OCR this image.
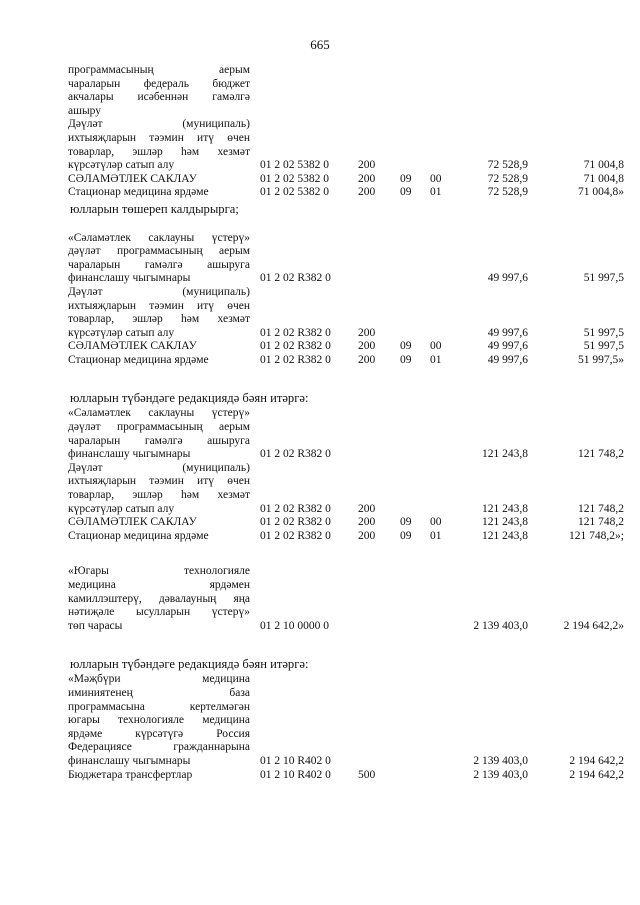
665
программасының аерым
чараларын федераль бюджет
акчалары исәбеннән гамәлгә
ашыру
Дәүләт (муниципаль)
ихтыяҗларын тәэмин итү өчен
товарлар, эшләр һәм хезмәт
күрсәтүләр сатып алу	01 2 02 5382 0	200	72 528,9	71 004,8
СӘЛАМӘТЛЕК САКЛАУ	01 2 02 5382 0	200 09 00	72 528,9	71 004,8
Стационар медицина ярдәме	01 2 02 5382 0	200 09 01	72 528,9	71 004,8»
юлларын төшереп калдырырга;
«Сәламәтлек саклауны үстерү»
дәүләт программасының аерым
чараларын гамәлгә ашыруга
финанслашу чыгымнары	01 2 02 R382 0	49 997,6	51 997,5
Дәүләт (муниципаль)
ихтыяҗларын тәэмин итү өчен
товарлар, эшләр һәм хезмәт
күрсәтүләр сатып алу	01 2 02 R382 0 200	49 997,6	51 997,5
СӘЛАМӘТЛЕК САКЛАУ	01 2 02 R382 0 200 09 00	49 997,6	51 997,5
Стационар медицина ярдәме	01 2 02 R382 0 200 09 01	49 997,6	51 997,5»
юлларын түбәндәге редакциядә бәян итәргә:
«Сәламәтлек саклауны үстерү»
дәүләт программасының аерым
чараларын гамәлгә ашыруга
финанслашу чыгымнары	01 2 02 R382 0	121 243,8	121 748,2
Дәүләт (муниципаль)
ихтыяҗларын тәэмин итү өчен
товарлар, эшләр һәм хезмәт
күрсәтүләр сатып алу	01 2 02 R382 0 200	121 243,8	121 748,2
СӘЛАМӘТЛЕК САКЛАУ	01 2 02 R382 0 200 09 00	121 243,8	121 748,2
Стационар медицина ярдәме	01 2 02 R382 0 200 09 01	121 243,8	121 748,2»;
«Югары технологияле
медицина ярдәмен
камиллэштерү, дәвалауның яңа
нәтиҗәле ысулларын үстерү»
төп чарасы	01 2 10 0000 0	2 139 403,0	2 194 642,2»
юлларын түбәндәге редакциядә бәян итәргә:
«Мәҗбүри медицина
иминиятенең база
программасына кертелмәгән
югары технологияле медицина
ярдәме күрсәтүгә Россия
Федерациясе гражданнарына
финанслашу чыгымнары	01 2 10 R402 0	2 139 403,0	2 194 642,2
Бюджетара трансфертлар	01 2 10 R402 0 500	2 139 403,0	2 194 642,2
